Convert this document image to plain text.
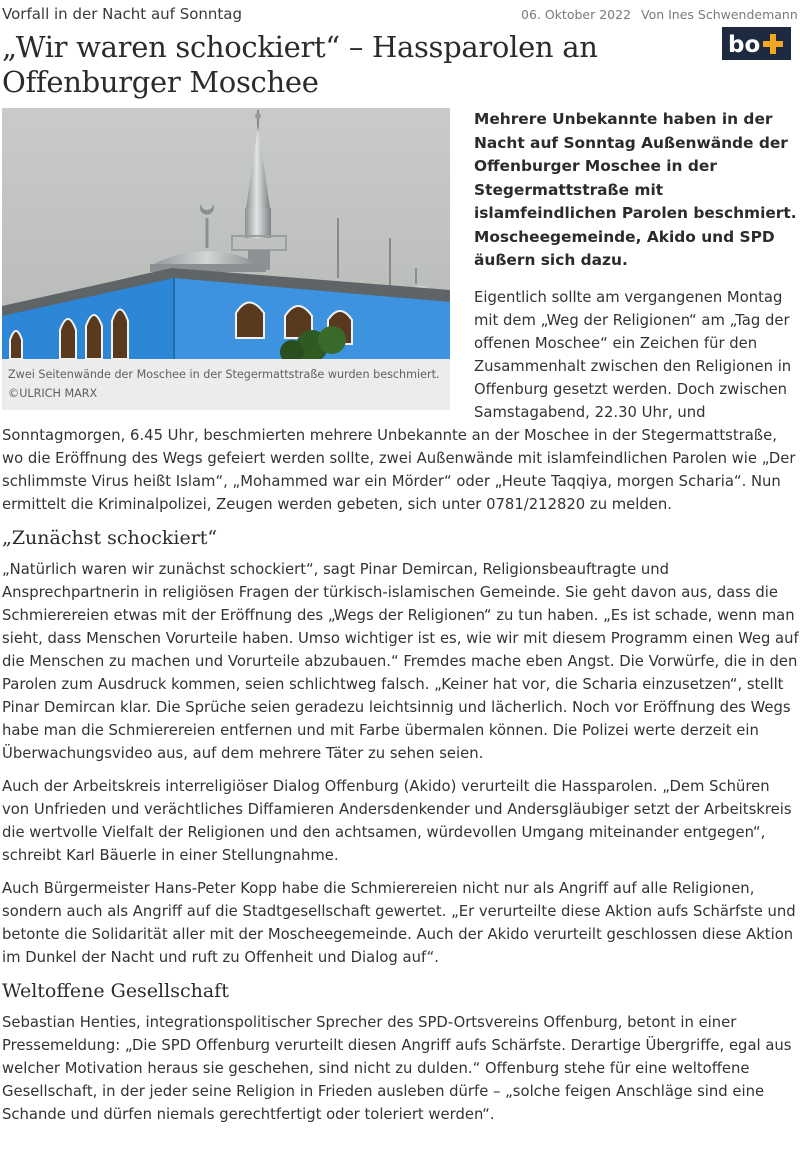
Vorfall in der Nacht auf Sonntag	06. Oktober 2022 Von Ines Schwendemann
bo
„Wir waren schockiert“ – Hassparolen an Offenburger Moschee
Zwei Seitenwände der Moschee in der Stegermattstraße wurden beschmiert. ©ULRICH MARX

Mehrere Unbekannte haben in der Nacht auf Sonntag Außenwände der Offenburger Moschee in der Stegermattstraße mit islamfeindlichen Parolen beschmiert. Moscheegemeinde, Akido und SPD äußern sich dazu.

Eigentlich sollte am vergangenen Montag mit dem „Weg der Religionen“ am „Tag der offenen Moschee“ ein Zeichen für den Zusammenhalt zwischen den Religionen in Offenburg gesetzt werden. Doch zwischen Samstagabend, 22.30 Uhr, und Sonntagmorgen, 6.45 Uhr, beschmierten mehrere Unbekannte an der Moschee in der Stegermattstraße, wo die Eröffnung des Wegs gefeiert werden sollte, zwei Außenwände mit islamfeindlichen Parolen wie „Der schlimmste Virus heißt Islam“, „Mohammed war ein Mörder“ oder „Heute Taqqiya, morgen Scharia“. Nun ermittelt die Kriminalpolizei, Zeugen werden gebeten, sich unter 0781/212820 zu melden.

„Zunächst schockiert“

„Natürlich waren wir zunächst schockiert“, sagt Pinar Demircan, Religionsbeauftragte und Ansprechpartnerin in religiösen Fragen der türkisch-islamischen Gemeinde. Sie geht davon aus, dass die Schmierereien etwas mit der Eröffnung des „Wegs der Religionen“ zu tun haben. „Es ist schade, wenn man sieht, dass Menschen Vorurteile haben. Umso wichtiger ist es, wie wir mit diesem Programm einen Weg auf die Menschen zu machen und Vorurteile abzubauen.“ Fremdes mache eben Angst. Die Vorwürfe, die in den Parolen zum Ausdruck kommen, seien schlichtweg falsch. „Keiner hat vor, die Scharia einzusetzen“, stellt Pinar Demircan klar. Die Sprüche seien geradezu leichtsinnig und lächerlich. Noch vor Eröffnung des Wegs habe man die Schmierereien entfernen und mit Farbe übermalen können. Die Polizei werte derzeit ein Überwachungsvideo aus, auf dem mehrere Täter zu sehen seien.

Auch der Arbeitskreis interreligiöser Dialog Offenburg (Akido) verurteilt die Hassparolen. „Dem Schüren von Unfrieden und verächtliches Diffamieren Andersdenkender und Andersgläubiger setzt der Arbeitskreis die wertvolle Vielfalt der Religionen und den achtsamen, würdevollen Umgang miteinander entgegen“, schreibt Karl Bäuerle in einer Stellungnahme.

Auch Bürgermeister Hans-Peter Kopp habe die Schmierereien nicht nur als Angriff auf alle Religionen, sondern auch als Angriff auf die Stadtgesellschaft gewertet. „Er verurteilte diese Aktion aufs Schärfste und betonte die Solidarität aller mit der Moscheegemeinde. Auch der Akido verurteilt geschlossen diese Aktion im Dunkel der Nacht und ruft zu Offenheit und Dialog auf“.

Weltoffene Gesellschaft

Sebastian Henties, integrationspolitischer Sprecher des SPD-Ortsvereins Offenburg, betont in einer Pressemeldung: „Die SPD Offenburg verurteilt diesen Angriff aufs Schärfste. Derartige Übergriffe, egal aus welcher Motivation heraus sie geschehen, sind nicht zu dulden.“ Offenburg stehe für eine weltoffene Gesellschaft, in der jeder seine Religion in Frieden ausleben dürfe – „solche feigen Anschläge sind eine Schande und dürfen niemals gerechtfertigt oder toleriert werden“.
